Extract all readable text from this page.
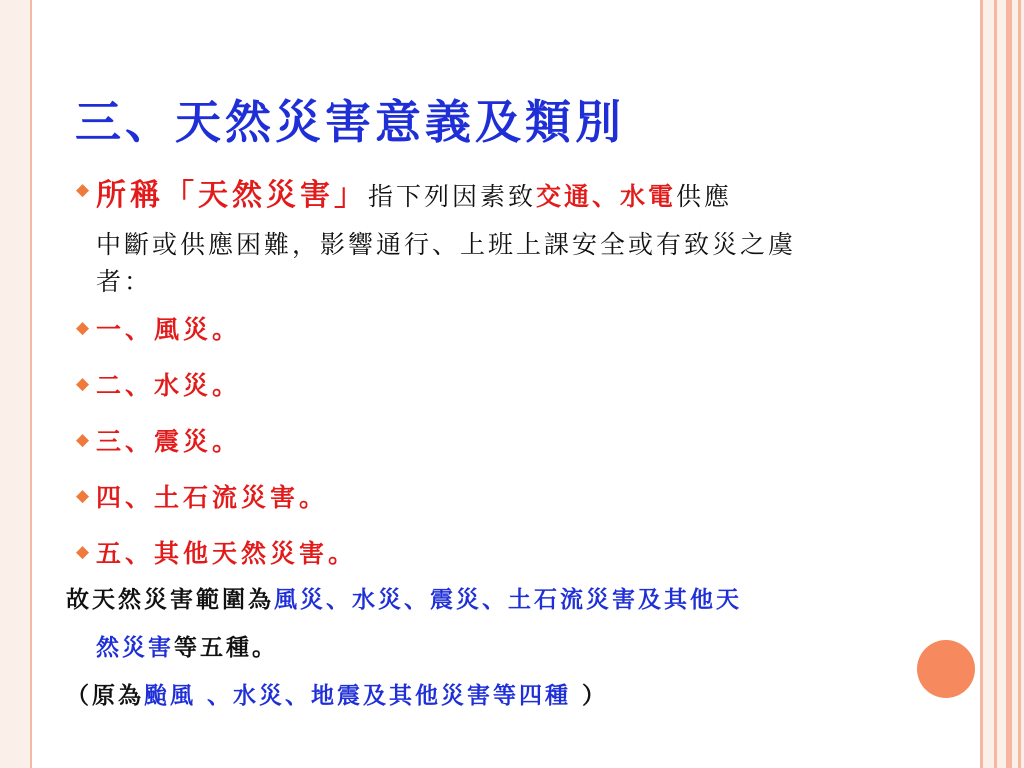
三、天然災害意義及類別
◆ 所稱「天然災害」指下列因素致交通、水電供應
中斷或供應困難，影響通行、上班上課安全或有致災之虞
者：
◆ 一、風災。
◆ 二、水災。
◆ 三、震災。
◆ 四、土石流災害。
◆ 五、其他天然災害。
故天然災害範圍為風災、水災、震災、土石流災害及其他天
然災害等五種。
（原為颱風 、水災、地震及其他災害等四種 ）
